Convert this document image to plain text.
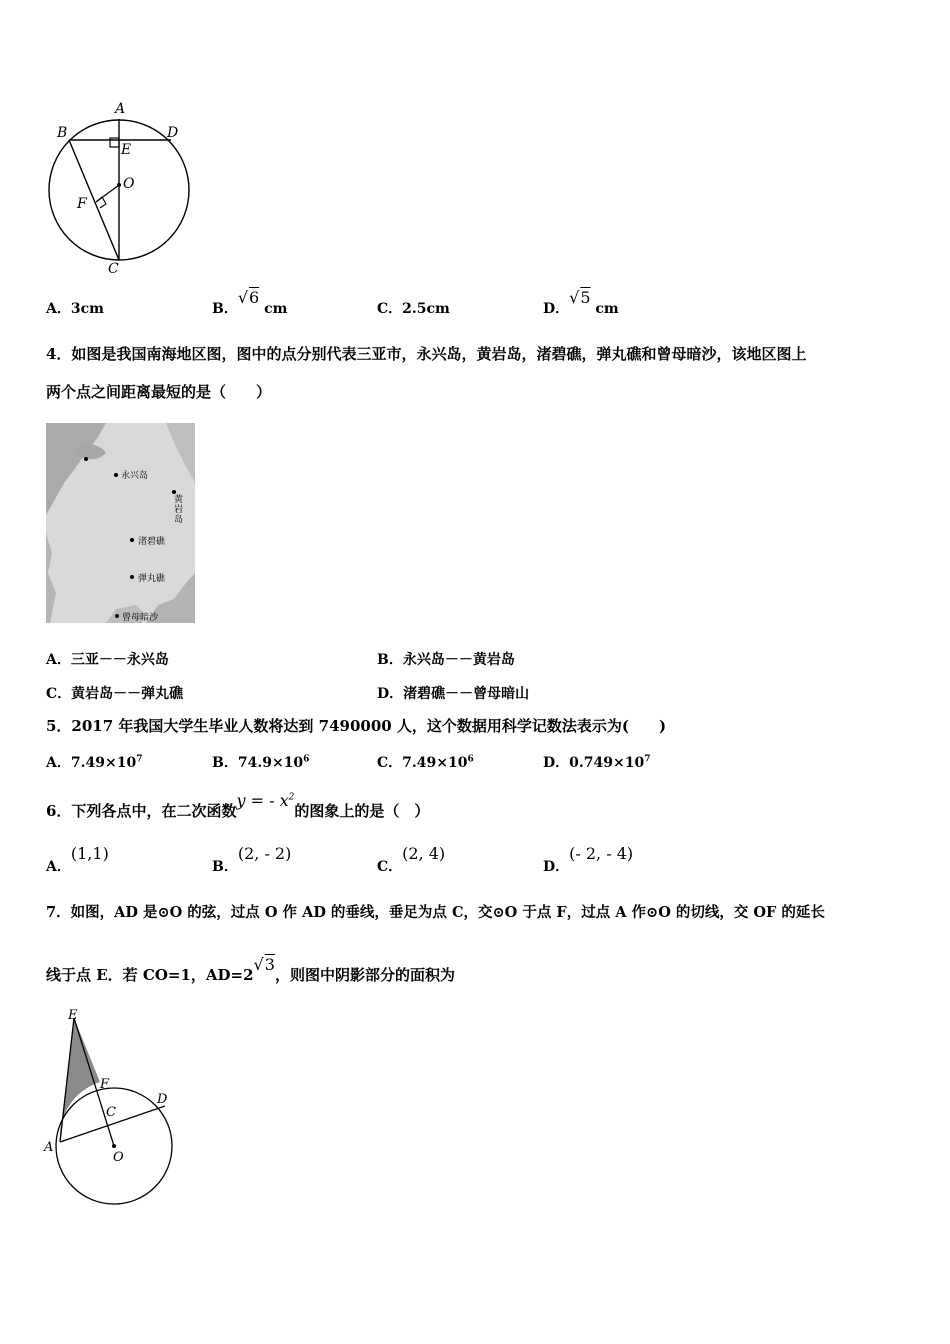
A
B	D
E
O
F
C
A．3cm	B．√6 cm	C．2.5cm	D．√5 cm
4．如图是我国南海地区图，图中的点分别代表三亚市，永兴岛，黄岩岛，渚碧礁，弹丸礁和曾母暗沙，该地区图上
两个点之间距离最短的是（　　）
永兴岛
黄岩岛
渚碧礁
弹丸礁
曾母暗沙
A．三亚－－永兴岛	B．永兴岛－－黄岩岛
C．黄岩岛－－弹丸礁	D．渚碧礁－－曾母暗山
5．2017 年我国大学生毕业人数将达到 7490000 人，这个数据用科学记数法表示为(　　)
A．$7.49\times 10^7$	B．$74.9\times 10^6$	C．$7.49\times 10^6$	D．$0.749\times 10^7$
6．下列各点中，在二次函数y = - $x^2$的图象上的是（　）
A．(1,1)
B．(2, - 2)
C．(2, 4)
D．(- 2, - 4)
7．如图，AD 是⊙O 的弦，过点 O 作 AD 的垂线，垂足为点 C，交⊙O 于点 F，过点 A 作⊙O 的切线，交 OF 的延长
线于点 E．若 CO=1，AD=2√3，则图中阴影部分的面积为
E
F
C
D
A
O
